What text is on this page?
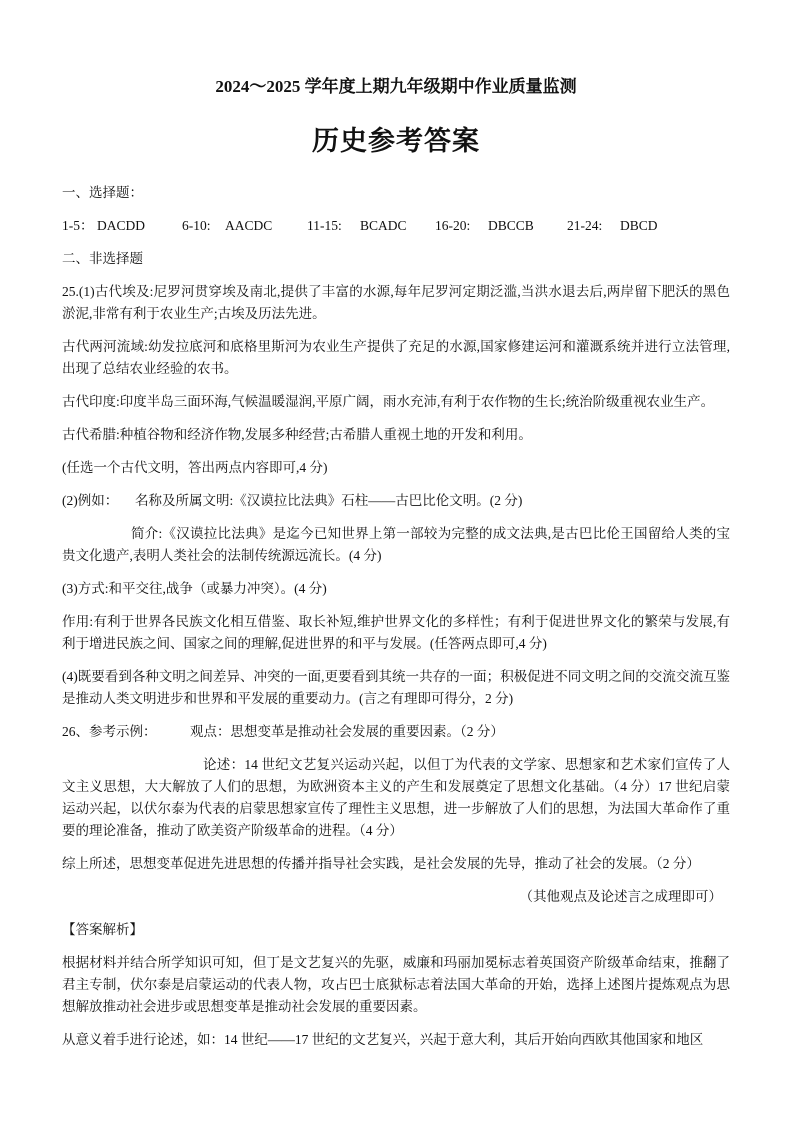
2024～2025 学年度上期九年级期中作业质量监测
历史参考答案
一、选择题：
1-5： DACDD	6-10: AACDC	11-15: BCADC 16-20: DBCCB 21-24: DBCD
二、非选择题
25.(1)古代埃及:尼罗河贯穿埃及南北,提供了丰富的水源,每年尼罗河定期泛滥,当洪水退去后,两岸留下肥沃的黑色淤泥,非常有利于农业生产;古埃及历法先进。
古代两河流域:幼发拉底河和底格里斯河为农业生产提供了充足的水源,国家修建运河和灌溉系统并进行立法管理,出现了总结农业经验的农书。
古代印度:印度半岛三面环海,气候温暖湿润,平原广阔，雨水充沛,有利于农作物的生长;统治阶级重视农业生产。
古代希腊:种植谷物和经济作物,发展多种经营;古希腊人重视土地的开发和利用。
(任选一个古代文明，答出两点内容即可,4 分)
(2)例如： 名称及所属文明:《汉谟拉比法典》石柱——古巴比伦文明。(2 分)
简介:《汉谟拉比法典》是迄今已知世界上第一部较为完整的成文法典,是古巴比伦王国留给人类的宝贵文化遗产,表明人类社会的法制传统源远流长。(4 分)
(3)方式:和平交往,战争（或暴力冲突）。(4 分)
作用:有利于世界各民族文化相互借鉴、取长补短,维护世界文化的多样性；有利于促进世界文化的繁荣与发展,有利于增进民族之间、国家之间的理解,促进世界的和平与发展。(任答两点即可,4 分)
(4)既要看到各种文明之间差异、冲突的一面,更要看到其统一共存的一面；积极促进不同文明之间的交流交流互鉴是推动人类文明进步和世界和平发展的重要动力。(言之有理即可得分，2 分)
26、参考示例： 观点：思想变革是推动社会发展的重要因素。（2 分）
论述：14 世纪文艺复兴运动兴起，以但丁为代表的文学家、思想家和艺术家们宣传了人文主义思想，大大解放了人们的思想，为欧洲资本主义的产生和发展奠定了思想文化基础。（4 分）17 世纪启蒙运动兴起，以伏尔泰为代表的启蒙思想家宣传了理性主义思想，进一步解放了人们的思想，为法国大革命作了重要的理论准备，推动了欧美资产阶级革命的进程。（4 分）
综上所述，思想变革促进先进思想的传播并指导社会实践，是社会发展的先导，推动了社会的发展。（2 分）
（其他观点及论述言之成理即可）
【答案解析】
根据材料并结合所学知识可知，但丁是文艺复兴的先驱，威廉和玛丽加冕标志着英国资产阶级革命结束，推翻了君主专制，伏尔泰是启蒙运动的代表人物，攻占巴士底狱标志着法国大革命的开始，选择上述图片提炼观点为思想解放推动社会进步或思想变革是推动社会发展的重要因素。
从意义着手进行论述，如：14 世纪——17 世纪的文艺复兴，兴起于意大利，其后开始向西欧其他国家和地区
